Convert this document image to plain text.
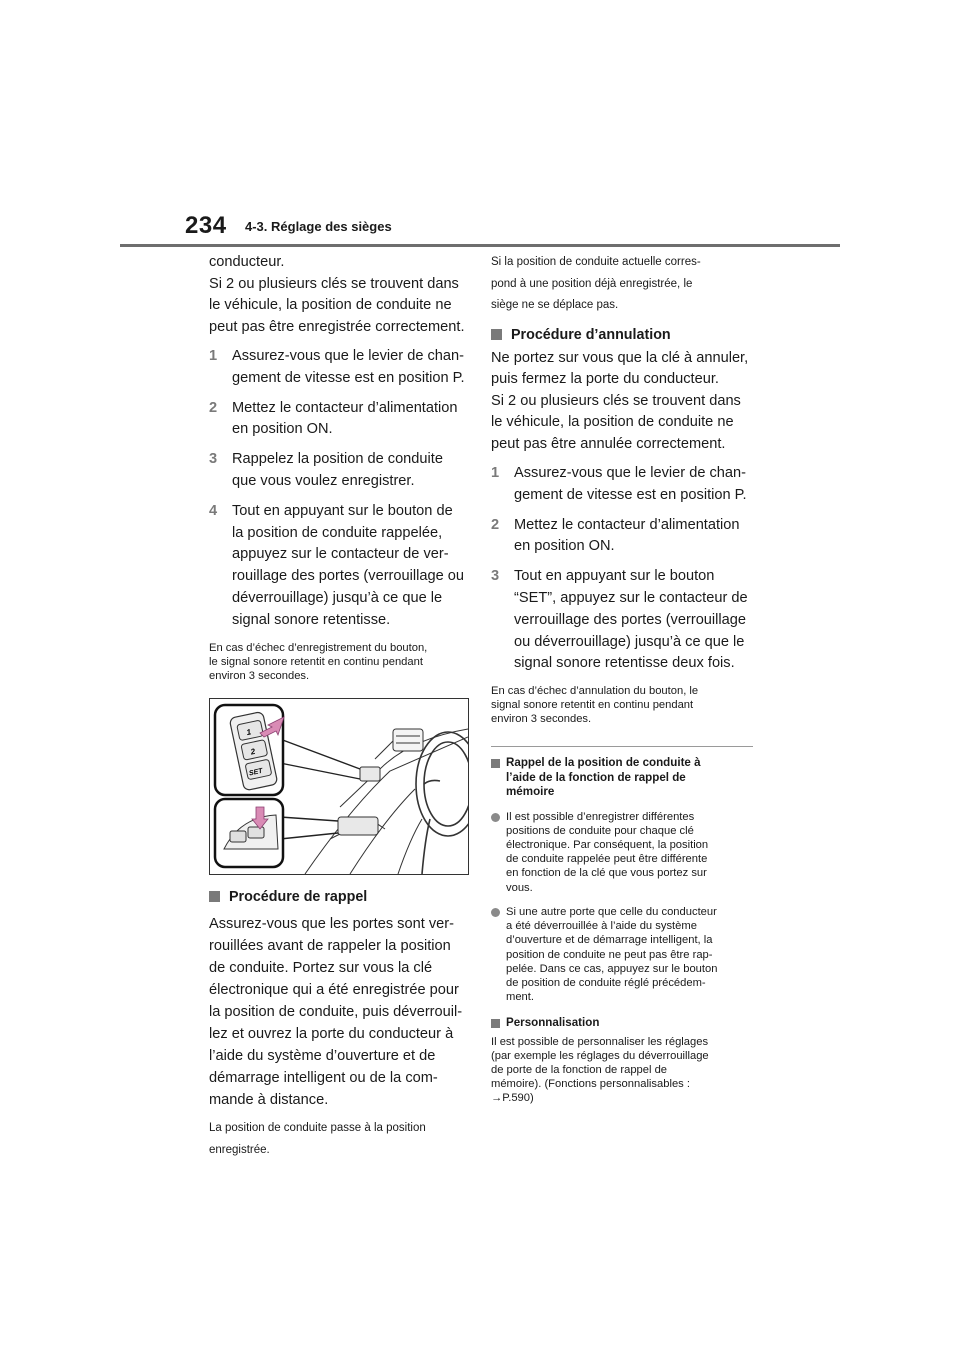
234 4-3. Réglage des sièges
conducteur.
Si 2 ou plusieurs clés se trouvent dans
le véhicule, la position de conduite ne
peut pas être enregistrée correctement.
1	Assurez-vous que le levier de chan-
gement de vitesse est en position P.
2	Mettez le contacteur d’alimentation
en position ON.
3	Rappelez la position de conduite
que vous voulez enregistrer.
4	Tout en appuyant sur le bouton de
la position de conduite rappelée,
appuyez sur le contacteur de ver-
rouillage des portes (verrouillage ou
déverrouillage) jusqu’à ce que le
signal sonore retentisse.
En cas d’échec d’enregistrement du bouton,
le signal sonore retentit en continu pendant
environ 3 secondes.
1
2
SET
Procédure de rappel
Assurez-vous que les portes sont ver-
rouillées avant de rappeler la position
de conduite. Portez sur vous la clé
électronique qui a été enregistrée pour
la position de conduite, puis déverrouil-
lez et ouvrez la porte du conducteur à
l’aide du système d’ouverture et de
démarrage intelligent ou de la com-
mande à distance.
La position de conduite passe à la position
enregistrée.
Si la position de conduite actuelle corres-
pond à une position déjà enregistrée, le
siège ne se déplace pas.
Procédure d’annulation
Ne portez sur vous que la clé à annuler,
puis fermez la porte du conducteur.
Si 2 ou plusieurs clés se trouvent dans
le véhicule, la position de conduite ne
peut pas être annulée correctement.
1	Assurez-vous que le levier de chan-
gement de vitesse est en position P.
2	Mettez le contacteur d’alimentation
en position ON.
3	Tout en appuyant sur le bouton
“SET”, appuyez sur le contacteur de
verrouillage des portes (verrouillage
ou déverrouillage) jusqu’à ce que le
signal sonore retentisse deux fois.
En cas d’échec d’annulation du bouton, le
signal sonore retentit en continu pendant
environ 3 secondes.
Rappel de la position de conduite à
l’aide de la fonction de rappel de
mémoire
Il est possible d’enregistrer différentes
positions de conduite pour chaque clé
électronique. Par conséquent, la position
de conduite rappelée peut être différente
en fonction de la clé que vous portez sur
vous.
Si une autre porte que celle du conducteur
a été déverrouillée à l’aide du système
d’ouverture et de démarrage intelligent, la
position de conduite ne peut pas être rap-
pelée. Dans ce cas, appuyez sur le bouton
de position de conduite réglé précédem-
ment.
Personnalisation
Il est possible de personnaliser les réglages
(par exemple les réglages du déverrouillage
de porte de la fonction de rappel de
mémoire). (Fonctions personnalisables :
→P.590)
